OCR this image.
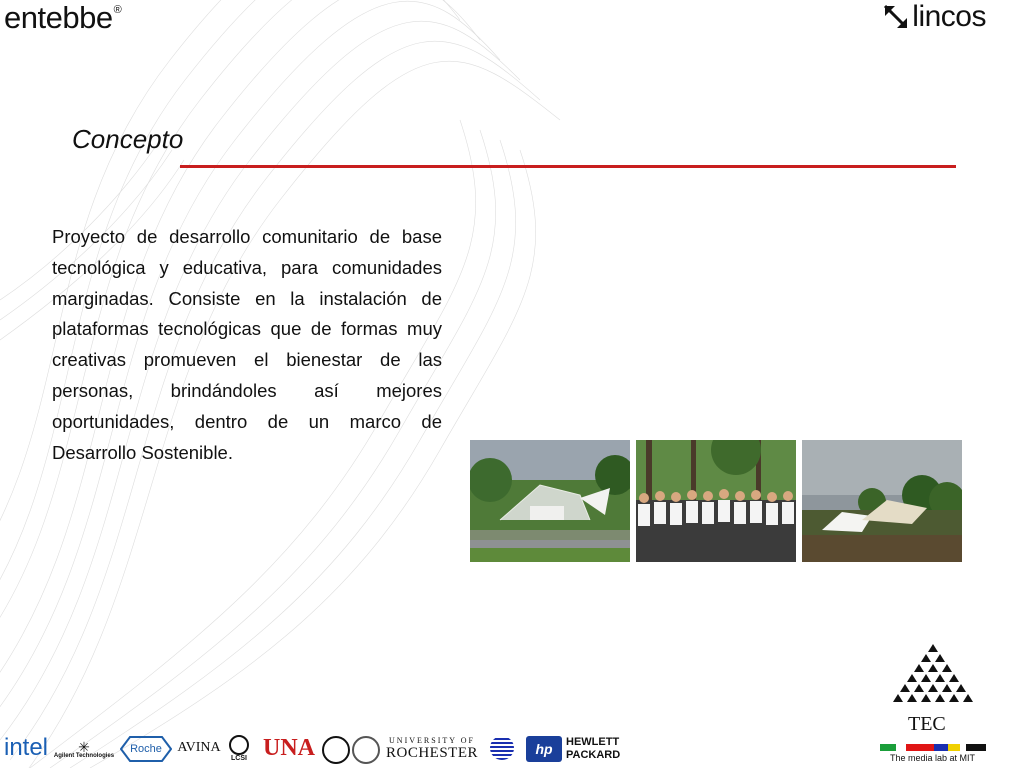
entebbe®	lincos
Concepto
Proyecto de desarrollo comunitario de base tecnológica y educativa, para comunidades marginadas. Consiste en la instalación de plataformas tecnológicas que de formas muy creativas promueven el bienestar de las personas, brindándoles así mejores oportunidades, dentro de un marco de Desarrollo Sostenible.
TEC
The media lab at MIT
intel ✳
Agilent Technologies
Roche AVINA
LCSI UNA	UNIVERSITY OF
ROCHESTER	hp HEWLETT
PACKARD
